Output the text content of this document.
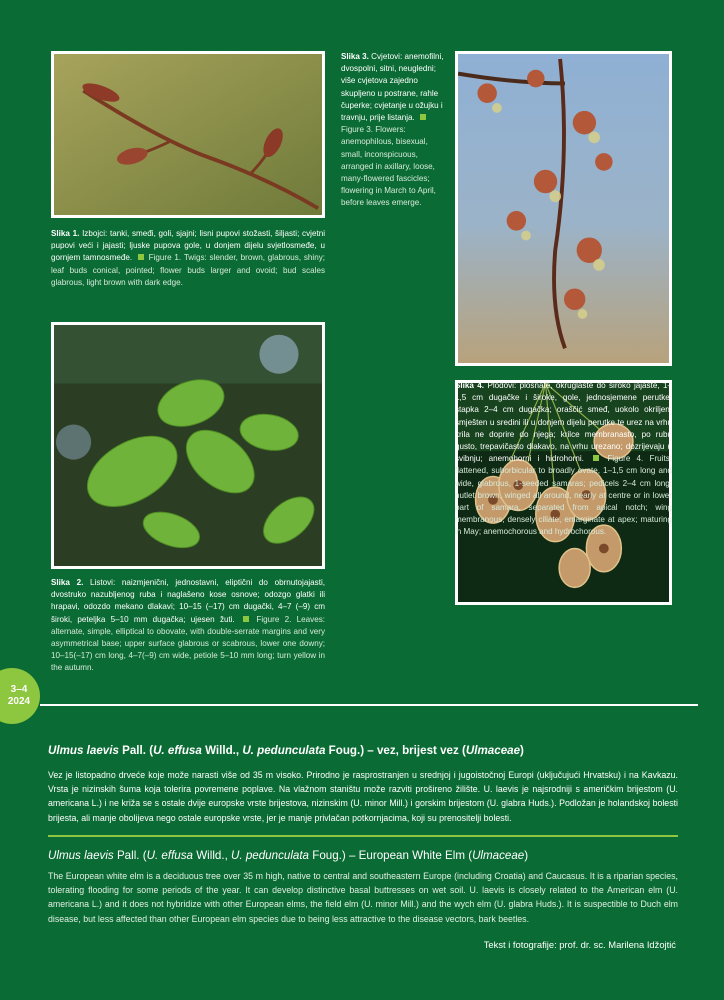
Slika 1. Izbojci: tanki, smeđi, goli, sjajni; lisni pupovi stožasti, šiljasti; cvjetni pupovi veći i jajasti; ljuske pupova gole, u donjem dijelu svjetlosmeđe, u gornjem tamnosmeđe. Figure 1. Twigs: slender, brown, glabrous, shiny; leaf buds conical, pointed; flower buds larger and ovoid; bud scales glabrous, light brown with dark edge.
Slika 3. Cvjetovi: anemofilni, dvospolni, sitni, neugledni; više cvjetova zajedno skupljeno u postrane, rahle čuperke; cvjetanje u ožujku i travnju, prije listanja.  Figure 3. Flowers: anemophilous, bisexual, small, inconspicuous, arranged in axillary, loose, many-flowered fascicles; flowering in March to April, before leaves emerge.
Slika 2. Listovi: naizmjenični, jednostavni, eliptični do obrnutojajasti, dvostruko nazubljenog ruba i naglašeno kose osnove; odozgo glatki ili hrapavi, odozdo mekano dlakavi; 10–15 (–17) cm dugački, 4–7 (–9) cm široki, peteljka 5–10 mm dugačka; ujesen žuti.	Figure 2. Leaves: alternate, simple, elliptical to obovate, with double-serrate margins and very asymmetrical base; upper surface glabrous or scabrous, lower one downy; 10–15(–17) cm long, 4–7(–9) cm wide, petiole 5–10 mm long; turn yellow in the autumn.
Slika 4. Plodovi: plosnate, okruglaste do široko jajaste, 1–1,5 cm dugačke i široke, gole, jednosjemene perutke; stapka 2–4 cm dugačka; oraščić smeđ, uokolo okriljen, smješten u sredini ili u donjem dijelu perutke te urez na vrhu krila ne doprire do njega; krilce membranasto, po rubu gusto, trepavičasto dlakavo, na vrhu urezano; dozrijevaju u svibnju; anemohorni i hidrohorni.	Figure 4. Fruits: flattened, suborbicular to broadly ovate, 1–1,5 cm long and wide, glabrous, 1-seeded samaras; pedicels 2–4 cm long; nutlet brown, winged all around, nearly at centre or in lower part of samara, separated from apical notch; wing membranous, densely ciliate, emarginate at apex; maturing in May; anemochorous and hydrochorous.
3–4
2024
Ulmus laevis Pall. (U. effusa Willd., U. pedunculata Foug.) – vez, brijest vez (Ulmaceae)
Vez je listopadno drvеće koje može narasti više od 35 m visoko. Prirodno je rasprostranjen u srednjoj i jugoistočnoj Europi (uključujući Hrvatsku) i na Kavkazu. Vrsta je nizinskih šuma koja tolerira povremene poplave. Na vlažnom staništu može razviti prošireno žilište. U. laevis je najsrodniji s američkim brijestom (U. americana L.) i ne križa se s ostale dvije europske vrste brijestova, nizinskim (U. minor Mill.) i gorskim brijestom (U. glabra Huds.). Podložan je holandskoj bolesti brijesta, ali manje obolijeva nego ostale europske vrste, jer je manje privlačan potkornjacima, koji su prenositelji bolesti.
Ulmus laevis Pall. (U. effusa Willd., U. pedunculata Foug.) – European White Elm (Ulmaceae)
The European white elm is a deciduous tree over 35 m high, native to central and southeastern Europe (including Croatia) and Caucasus. It is a riparian species, tolerating flooding for some periods of the year. It can develop distinctive basal buttresses on wet soil. U. laevis is closely related to the American elm (U. americana L.) and it does not hybridize with other European elms, the field elm (U. minor Mill.) and the wych elm (U. glabra Huds.). It is suspectible to Duch elm disease, but less affected than other European elm species due to being less attractive to the disease vectors, bark beetles.
Tekst i fotografije: prof. dr. sc. Marilena Idžojtić
